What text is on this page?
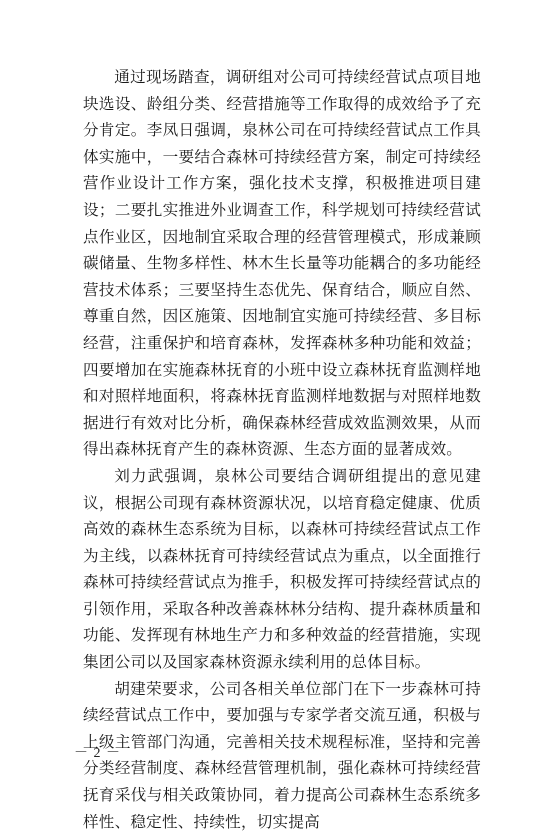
通过现场踏查，调研组对公司可持续经营试点项目地块选设、龄组分类、经营措施等工作取得的成效给予了充分肯定。李凤日强调，泉林公司在可持续经营试点工作具体实施中，一要结合森林可持续经营方案，制定可持续经营作业设计工作方案，强化技术支撑，积极推进项目建设；二要扎实推进外业调查工作，科学规划可持续经营试点作业区，因地制宜采取合理的经营管理模式，形成兼顾碳储量、生物多样性、林木生长量等功能耦合的多功能经营技术体系；三要坚持生态优先、保育结合，顺应自然、尊重自然，因区施策、因地制宜实施可持续经营、多目标经营，注重保护和培育森林，发挥森林多种功能和效益；四要增加在实施森林抚育的小班中设立森林抚育监测样地和对照样地面积，将森林抚育监测样地数据与对照样地数据进行有效对比分析，确保森林经营成效监测效果，从而得出森林抚育产生的森林资源、生态方面的显著成效。

刘力武强调，泉林公司要结合调研组提出的意见建议，根据公司现有森林资源状况，以培育稳定健康、优质高效的森林生态系统为目标，以森林可持续经营试点工作为主线，以森林抚育可持续经营试点为重点，以全面推行森林可持续经营试点为推手，积极发挥可持续经营试点的引领作用，采取各种改善森林林分结构、提升森林质量和功能、发挥现有林地生产力和多种效益的经营措施，实现集团公司以及国家森林资源永续利用的总体目标。

胡建荣要求，公司各相关单位部门在下一步森林可持续经营试点工作中，要加强与专家学者交流互通，积极与上级主管部门沟通，完善相关技术规程标准，坚持和完善分类经营制度、森林经营管理机制，强化森林可持续经营抚育采伐与相关政策协同，着力提高公司森林生态系统多样性、稳定性、持续性，切实提高

－ 2 －
